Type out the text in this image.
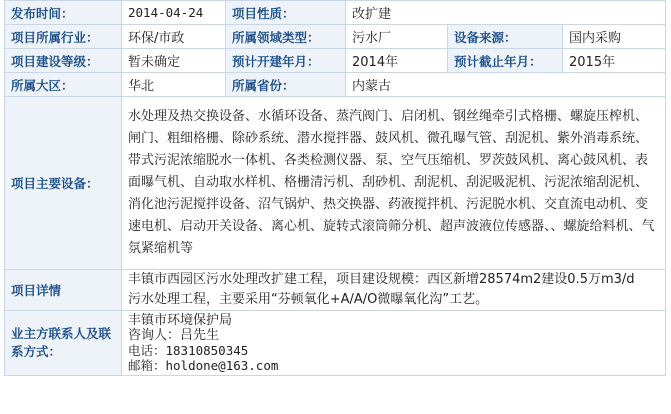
发布时间：	2014-04-24	项目性质：	改扩建		
项目所属行业：	环保/市政	所属领域类型：	污水厂	设备来源：	国内采购
项目建设等级：	暂未确定	预计开建年月：	2014年	预计截止年月：	2015年
所属大区：	华北	所属省份：	内蒙古		
项目主要设备：	水处理及热交换设备、水循环设备、蒸汽阀门、启闭机、钢丝绳牵引式格栅、螺旋压榨机、闸门、粗细格栅、除砂系统、潜水搅拌器、鼓风机、微孔曝气管、刮泥机、紫外消毒系统、带式污泥浓缩脱水一体机、各类检测仪器、泵、空气压缩机、罗茨鼓风机、离心鼓风机、表面曝气机、自动取水样机、格栅清污机、刮砂机、刮泥机、刮泥吸泥机、污泥浓缩刮泥机、消化池污泥搅拌设备、沼气锅炉、热交换器、药液搅拌机、污泥脱水机、交直流电动机、变速电机、启动开关设备、离心机、旋转式滚筒筛分机、超声波液位传感器、、螺旋给料机、气氛紧缩机等				
项目详情	丰镇市西园区污水处理改扩建工程，项目建设规模：西区新增28574m2建设0.5万m3/d
污水处理工程，主要采用“芬顿氧化+A/A/O微曝氧化沟”工艺。				

业主方联系人及联系方式：	丰镇市环境保护局
咨询人：吕先生
电话：18310850345
邮箱：holdone@163.com				
